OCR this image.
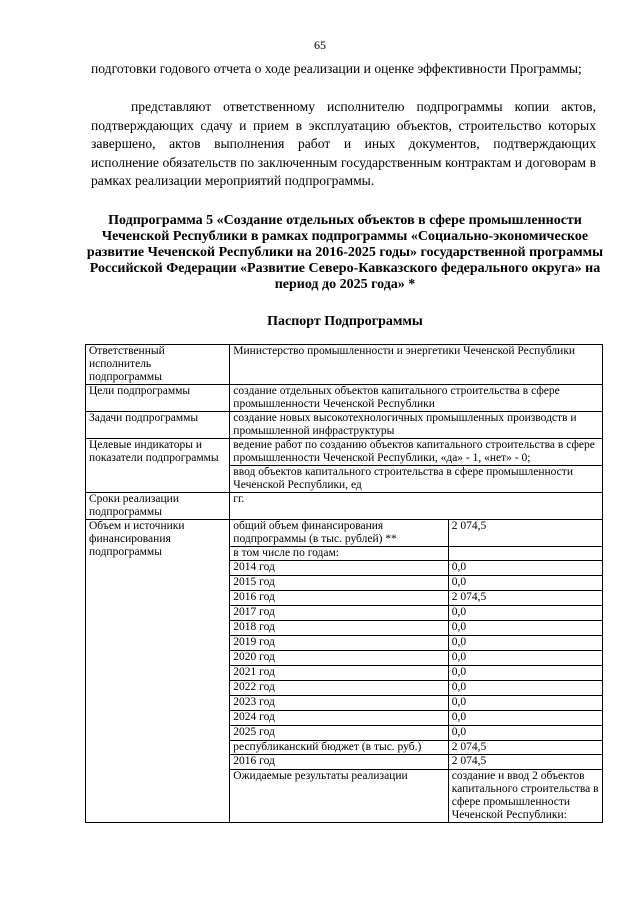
65
подготовки годового отчета о ходе реализации и оценке эффективности Программы;
представляют ответственному исполнителю подпрограммы копии актов, подтверждающих сдачу и прием в эксплуатацию объектов, строительство которых завершено, актов выполнения работ и иных документов, подтверждающих исполнение обязательств по заключенным государственным контрактам и договорам в рамках реализации мероприятий подпрограммы.
Подпрограмма 5 «Создание отдельных объектов в сфере промышленности Чеченской Республики в рамках подпрограммы «Социально-экономическое развитие Чеченской Республики на 2016-2025 годы» государственной программы Российской Федерации «Развитие Северо-Кавказского федерального округа» на период до 2025 года» *
Паспорт Подпрограммы
Ответственный исполнитель подпрограммы	Министерство промышленности и энергетики Чеченской Республики	
Цели подпрограммы	создание отдельных объектов капитального строительства в сфере промышленности Чеченской Республики	
Задачи подпрограммы	создание новых высокотехнологичных промышленных производств и промышленной инфраструктуры	
Целевые индикаторы и показатели подпрограммы	ведение работ по созданию объектов капитального строительства в сфере промышленности Чеченской Республики, «да» - 1, «нет» - 0;	
	ввод объектов капитального строительства в сфере промышленности Чеченской Республики, ед	
Сроки реализации подпрограммы	гг.	
Объем и источники финансирования подпрограммы	общий объем финансирования подпрограммы (в тыс. рублей) **	2 074,5
	в том числе по годам:	
	2014 год	0,0
	2015 год	0,0
	2016 год	2 074,5
	2017 год	0,0
	2018 год	0,0
	2019 год	0,0
	2020 год	0,0
	2021 год	0,0
	2022 год	0,0
	2023 год	0,0
	2024 год	0,0
	2025 год	0,0
	республиканский бюджет (в тыс. руб.)	2 074,5
	2016 год	2 074,5
	Ожидаемые результаты реализации	создание и ввод 2 объектов капитального строительства в сфере промышленности Чеченской Республики:
